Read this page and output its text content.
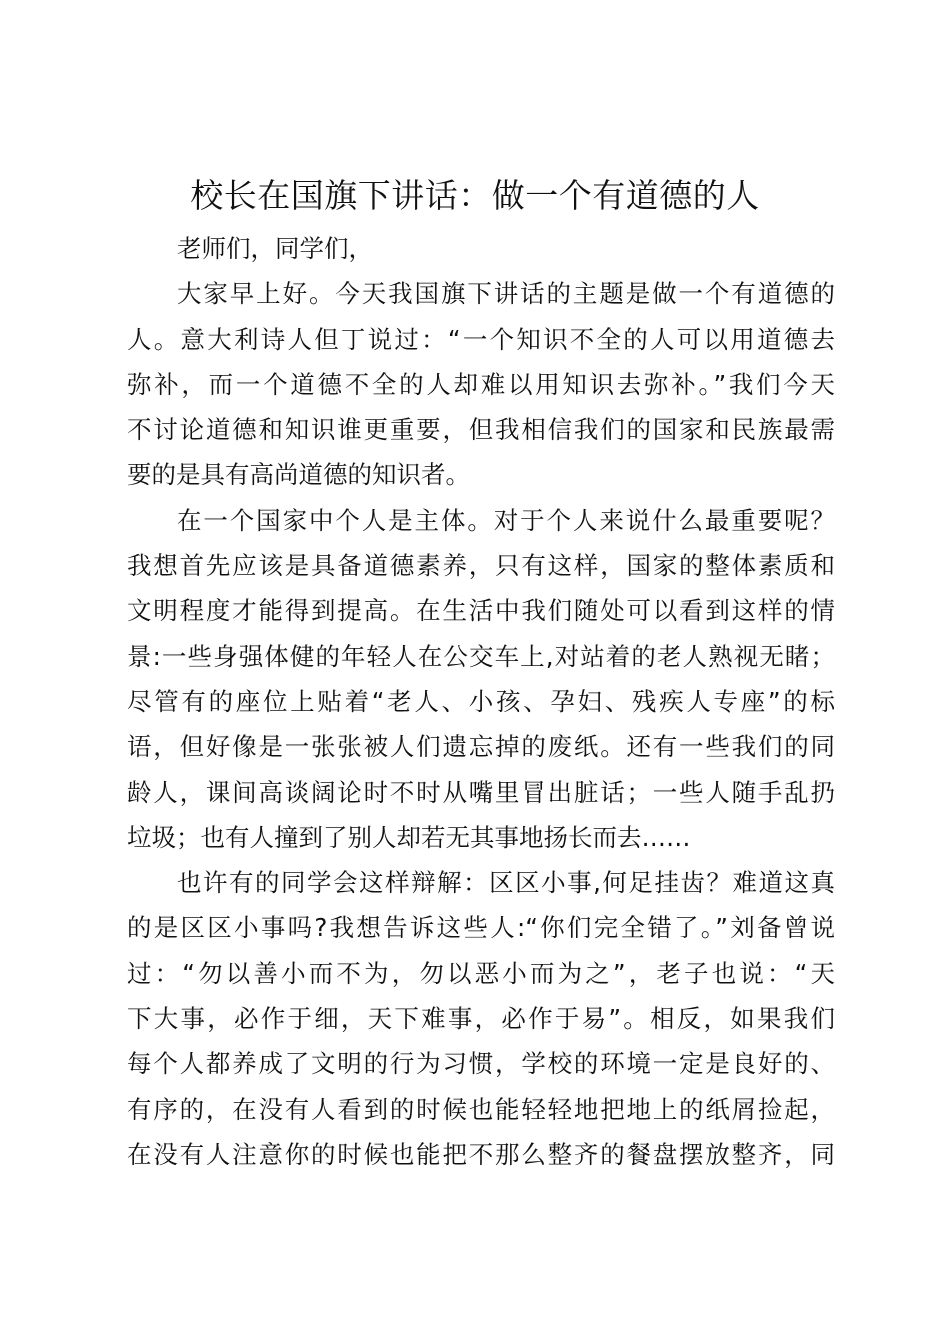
校长在国旗下讲话：做一个有道德的人
老师们，同学们，
大家早上好。今天我国旗下讲话的主题是做一个有道德的
人。意大利诗人但丁说过：“一个知识不全的人可以用道德去
弥补，而一个道德不全的人却难以用知识去弥补。”我们今天
不讨论道德和知识谁更重要，但我相信我们的国家和民族最需
要的是具有高尚道德的知识者。
在一个国家中个人是主体。对于个人来说什么最重要呢？
我想首先应该是具备道德素养，只有这样，国家的整体素质和
文明程度才能得到提高。在生活中我们随处可以看到这样的情
景:一些身强体健的年轻人在公交车上,对站着的老人熟视无睹；
尽管有的座位上贴着“老人、小孩、孕妇、残疾人专座”的标
语，但好像是一张张被人们遗忘掉的废纸。还有一些我们的同
龄人，课间高谈阔论时不时从嘴里冒出脏话；一些人随手乱扔
垃圾；也有人撞到了别人却若无其事地扬长而去……
也许有的同学会这样辩解：区区小事,何足挂齿？难道这真
的是区区小事吗?我想告诉这些人:“你们完全错了。”刘备曾说
过：“勿以善小而不为，勿以恶小而为之”，老子也说：“天
下大事，必作于细，天下难事，必作于易”。相反，如果我们
每个人都养成了文明的行为习惯，学校的环境一定是良好的、
有序的，在没有人看到的时候也能轻轻地把地上的纸屑捡起，
在没有人注意你的时候也能把不那么整齐的餐盘摆放整齐，同
